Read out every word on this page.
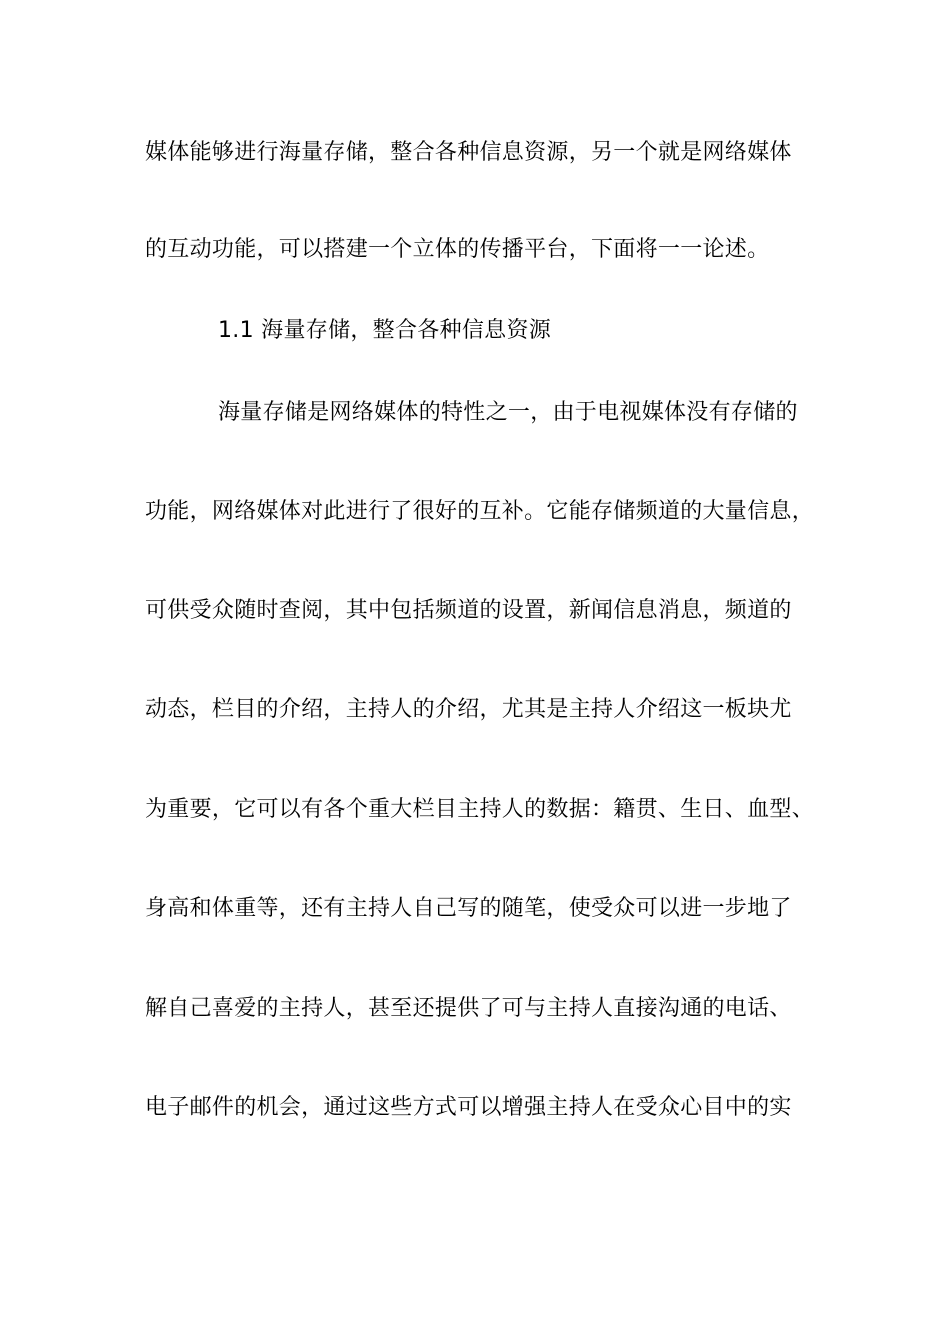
媒体能够进行海量存储，整合各种信息资源，另一个就是网络媒体
的互动功能，可以搭建一个立体的传播平台，下面将一一论述。
1.1 海量存储，整合各种信息资源
海量存储是网络媒体的特性之一，由于电视媒体没有存储的
功能，网络媒体对此进行了很好的互补。它能存储频道的大量信息，
可供受众随时查阅，其中包括频道的设置，新闻信息消息，频道的
动态，栏目的介绍，主持人的介绍，尤其是主持人介绍这一板块尤
为重要，它可以有各个重大栏目主持人的数据：籍贯、生日、血型、
身高和体重等，还有主持人自己写的随笔，使受众可以进一步地了
解自己喜爱的主持人，甚至还提供了可与主持人直接沟通的电话、
电子邮件的机会，通过这些方式可以增强主持人在受众心目中的实
